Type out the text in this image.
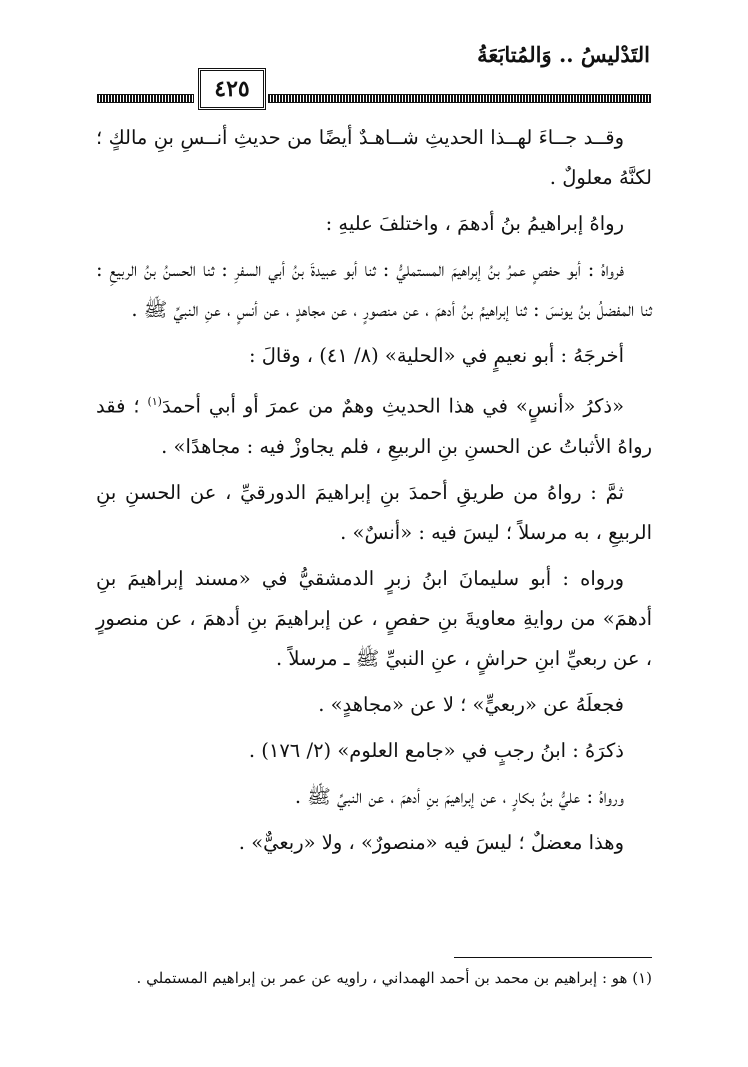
التَدْليسُ .. وَالمُتابَعَةُ
٤٢٥

وقــد جــاءَ لهــذا الحديثِ شــاهـدٌ أيضًا من حديثِ أنــسِ بنِ مالكٍ ؛ لكنَّهُ معلولٌ .

رواهُ إبراهيمُ بنُ أدهمَ ، واختلفَ عليهِ :

فرواهُ : أبو حفصٍ عمرُ بنُ إبراهيمَ المستمليُّ : ثنا أبو عبيدةَ بنُ أبي السفرِ : ثنا الحسنُ بنُ الربيعِ : ثنا المفضلُ بنُ يونسَ : ثنا إبراهيمُ بنُ أدهمَ ، عن منصورٍ ، عن مجاهدٍ ، عن أنسٍ ، عنِ النبيِّ ﷺ .

أخرجَهُ : أبو نعيمٍ في «الحلية» (٨/ ٤١) ، وقالَ :

«ذكرُ «أنسٍ» في هذا الحديثِ وهمٌ من عمرَ أو أبي أحمدَ$^{(١)}$ ؛ فقد رواهُ الأثباتُ عن الحسنِ بنِ الربيعِ ، فلم يجاوزْ فيه : مجاهدًا» .

ثمَّ : رواهُ من طريقِ أحمدَ بنِ إبراهيمَ الدورقيِّ ، عن الحسنِ بنِ الربيعِ ، به مرسلاً ؛ ليسَ فيه : «أنسٌ» .

ورواه : أبو سليمانَ ابنُ زبرٍ الدمشقيُّ في «مسند إبراهيمَ بنِ أدهمَ» من روايةِ معاويةَ بنِ حفصٍ ، عن إبراهيمَ بنِ أدهمَ ، عن منصورٍ ، عن ربعيِّ ابنِ حراشٍ ، عنِ النبيِّ ﷺ ـ مرسلاً .

فجعلَهُ عن «ربعيٍّ» ؛ لا عن «مجاهدٍ» .

ذكرَهُ : ابنُ رجبٍ في «جامع العلوم» (٢/ ١٧٦) .

ورواهُ : عليُّ بنُ بكارٍ ، عن إبراهيمَ بنِ أدهمَ ، عن النبيِّ ﷺ .

وهذا معضلٌ ؛ ليسَ فيه «منصورٌ» ، ولا «ربعيٌّ» .

(١) هو : إبراهيم بن محمد بن أحمد الهمداني ، راويه عن عمر بن إبراهيم المستملي .
